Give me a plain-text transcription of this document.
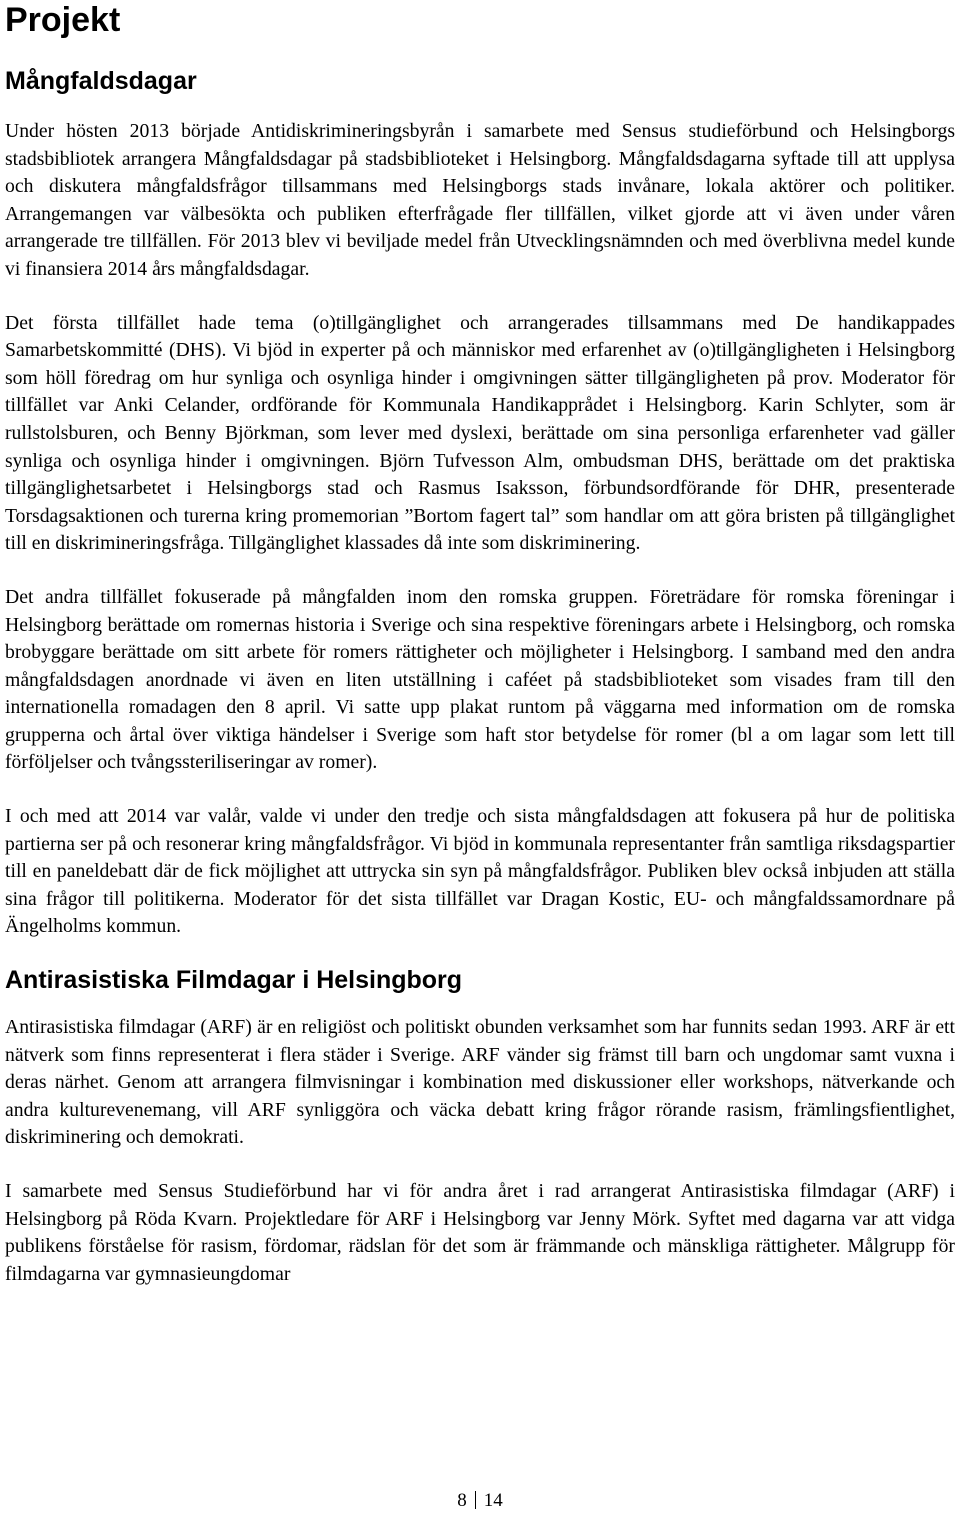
Projekt
Mångfaldsdagar

Under hösten 2013 började Antidiskrimineringsbyrån i samarbete med Sensus studieförbund och Helsingborgs stadsbibliotek arrangera Mångfaldsdagar på stadsbiblioteket i Helsingborg. Mångfaldsdagarna syftade till att upplysa och diskutera mångfaldsfrågor tillsammans med Helsingborgs stads invånare, lokala aktörer och politiker. Arrangemangen var välbesökta och publiken efterfrågade fler tillfällen, vilket gjorde att vi även under våren arrangerade tre tillfällen. För 2013 blev vi beviljade medel från Utvecklingsnämnden och med överblivna medel kunde vi finansiera 2014 års mångfaldsdagar.

Det första tillfället hade tema (o)tillgänglighet och arrangerades tillsammans med De handikappades Samarbetskommitté (DHS). Vi bjöd in experter på och människor med erfarenhet av (o)tillgängligheten i Helsingborg som höll föredrag om hur synliga och osynliga hinder i omgivningen sätter tillgängligheten på prov. Moderator för tillfället var Anki Celander, ordförande för Kommunala Handikapprådet i Helsingborg. Karin Schlyter, som är rullstolsburen, och Benny Björkman, som lever med dyslexi, berättade om sina personliga erfarenheter vad gäller synliga och osynliga hinder i omgivningen. Björn Tufvesson Alm, ombudsman DHS, berättade om det praktiska tillgänglighetsarbetet i Helsingborgs stad och Rasmus Isaksson, förbundsordförande för DHR, presenterade Torsdagsaktionen och turerna kring promemorian ”Bortom fagert tal” som handlar om att göra bristen på tillgänglighet till en diskrimineringsfråga. Tillgänglighet klassades då inte som diskriminering.

Det andra tillfället fokuserade på mångfalden inom den romska gruppen. Företrädare för romska föreningar i Helsingborg berättade om romernas historia i Sverige och sina respektive föreningars arbete i Helsingborg, och romska brobyggare berättade om sitt arbete för romers rättigheter och möjligheter i Helsingborg. I samband med den andra mångfaldsdagen anordnade vi även en liten utställning i caféet på stadsbiblioteket som visades fram till den internationella romadagen den 8 april. Vi satte upp plakat runtom på väggarna med information om de romska grupperna och årtal över viktiga händelser i Sverige som haft stor betydelse för romer (bl a om lagar som lett till förföljelser och tvångssteriliseringar av romer).

I och med att 2014 var valår, valde vi under den tredje och sista mångfaldsdagen att fokusera på hur de politiska partierna ser på och resonerar kring mångfaldsfrågor. Vi bjöd in kommunala representanter från samtliga riksdagspartier till en paneldebatt där de fick möjlighet att uttrycka sin syn på mångfaldsfrågor. Publiken blev också inbjuden att ställa sina frågor till politikerna. Moderator för det sista tillfället var Dragan Kostic, EU- och mångfaldssamordnare på Ängelholms kommun.

Antirasistiska Filmdagar i Helsingborg

Antirasistiska filmdagar (ARF) är en religiöst och politiskt obunden verksamhet som har funnits sedan 1993. ARF är ett nätverk som finns representerat i flera städer i Sverige. ARF vänder sig främst till barn och ungdomar samt vuxna i deras närhet. Genom att arrangera filmvisningar i kombination med diskussioner eller workshops, nätverkande och andra kulturevenemang, vill ARF synliggöra och väcka debatt kring frågor rörande rasism, främlingsfientlighet, diskriminering och demokrati.

I samarbete med Sensus Studieförbund har vi för andra året i rad arrangerat Antirasistiska filmdagar (ARF) i Helsingborg på Röda Kvarn. Projektledare för ARF i Helsingborg var Jenny Mörk. Syftet med dagarna var att vidga publikens förståelse för rasism, fördomar, rädslan för det som är främmande och mänskliga rättigheter. Målgrupp för filmdagarna var gymnasieungdomar

8 14
